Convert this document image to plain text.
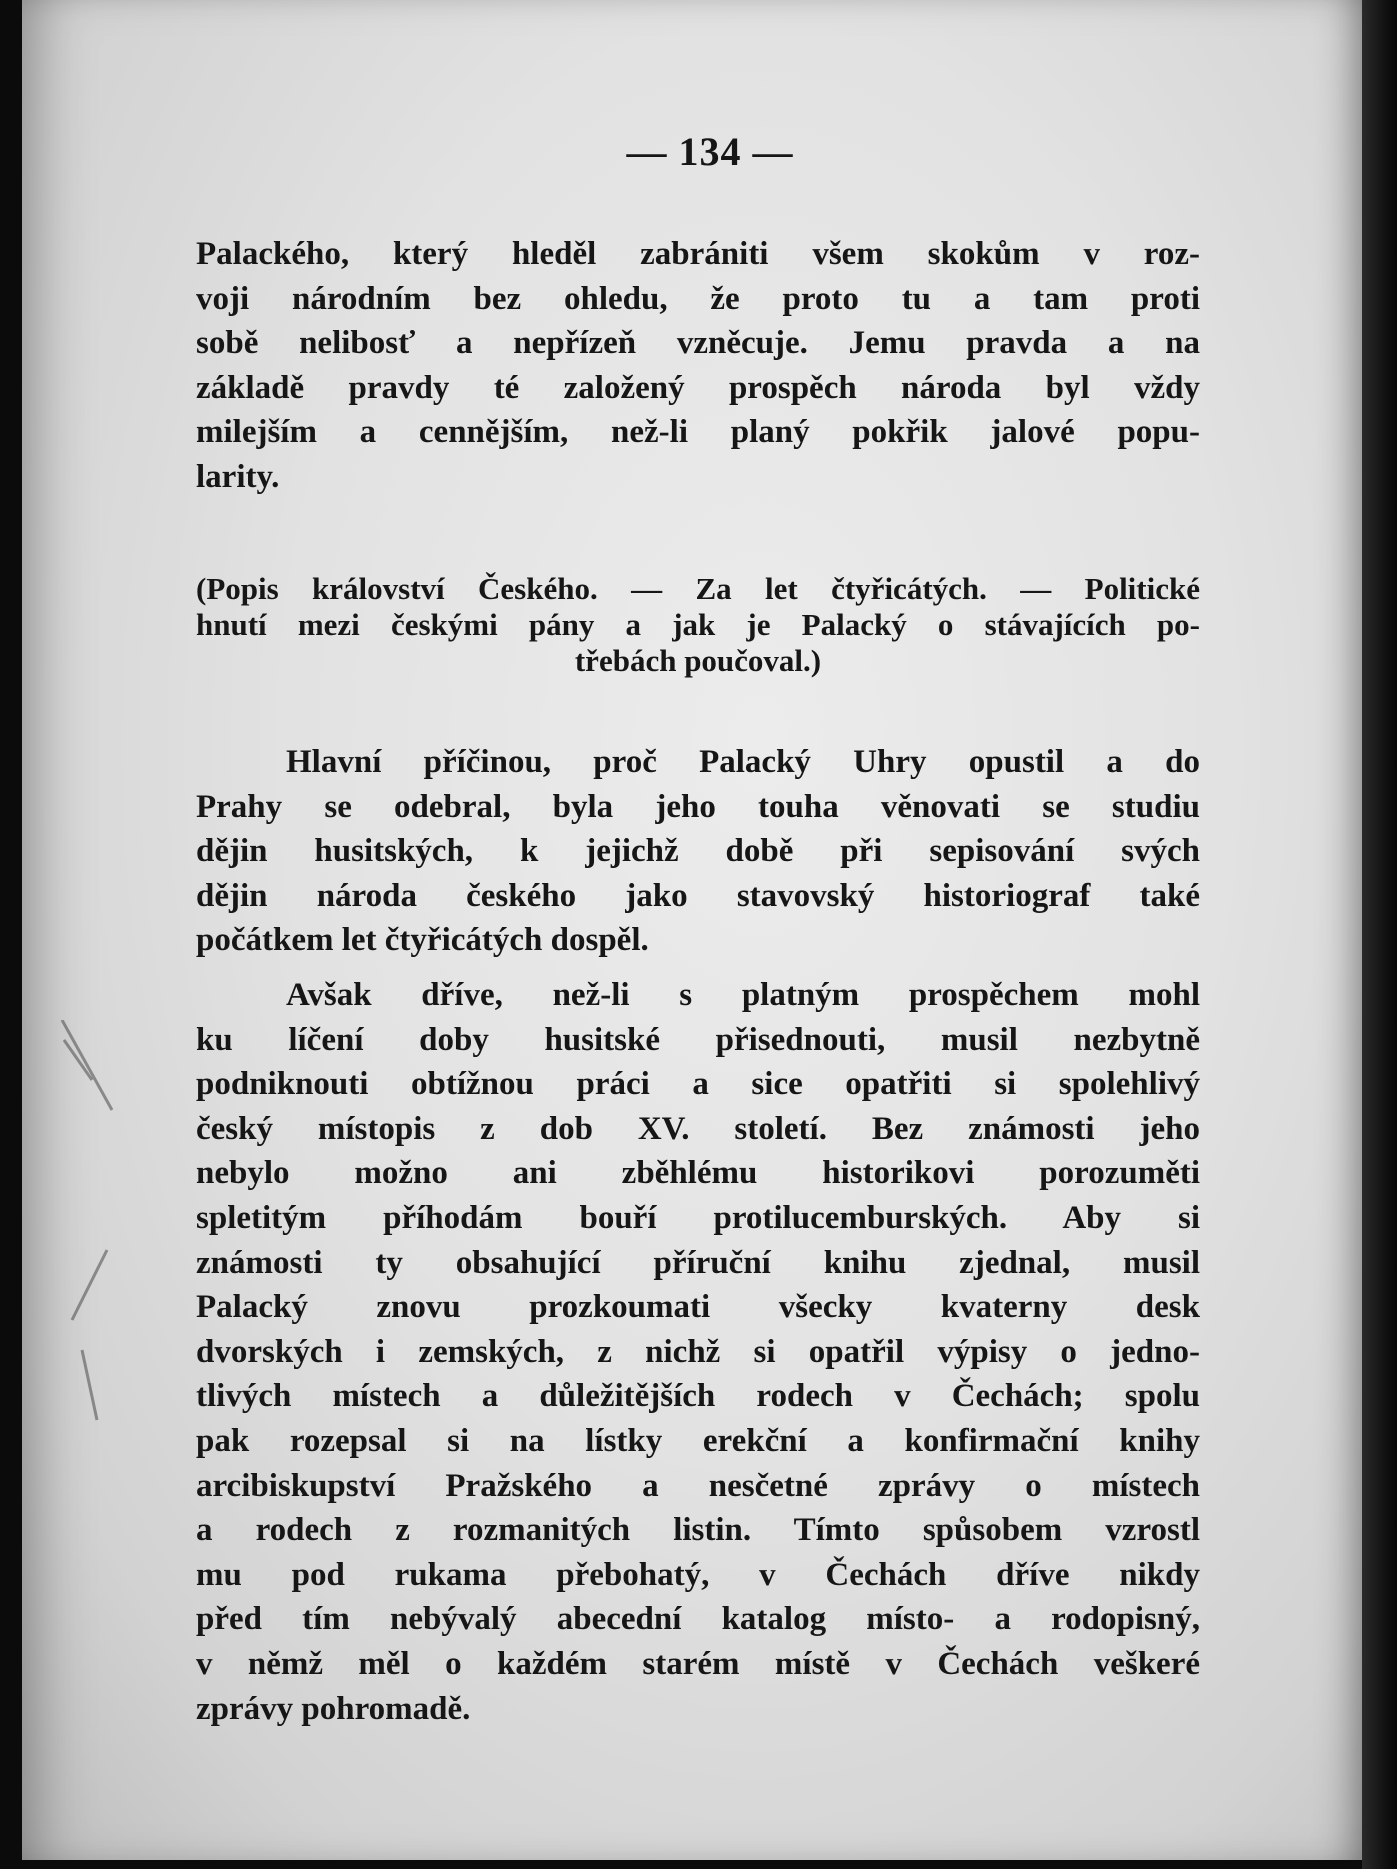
— 134 —
Palackého, který hleděl zabrániti všem skokům v roz-
voji národním bez ohledu, že proto tu a tam proti
sobě nelibosť a nepřízeň vzněcuje. Jemu pravda a na
základě pravdy té založený prospěch národa byl vždy
milejším a cennějším, než-li planý pokřik jalové popu-
larity.
(Popis království Českého. — Za let čtyřicátých. — Politické
hnutí mezi českými pány a jak je Palacký o stávajících po-
třebách poučoval.)
Hlavní příčinou, proč Palacký Uhry opustil a do
Prahy se odebral, byla jeho touha věnovati se studiu
dějin husitských, k jejichž době při sepisování svých
dějin národa českého jako stavovský historiograf také
počátkem let čtyřicátých dospěl.
Avšak dříve, než-li s platným prospěchem mohl
ku líčení doby husitské přisednouti, musil nezbytně
podniknouti obtížnou práci a sice opatřiti si spolehlivý
český místopis z dob XV. století. Bez známosti jeho
nebylo možno ani zběhlému historikovi porozuměti
spletitým příhodám bouří protilucemburských. Aby si
známosti ty obsahující příruční knihu zjednal, musil
Palacký znovu prozkoumati všecky kvaterny desk
dvorských i zemských, z nichž si opatřil výpisy o jedno-
tlivých místech a důležitějších rodech v Čechách; spolu
pak rozepsal si na lístky erekční a konfirmační knihy
arcibiskupství Pražského a nesčetné zprávy o místech
a rodech z rozmanitých listin. Tímto spůsobem vzrostl
mu pod rukama přebohatý, v Čechách dříve nikdy
před tím nebývalý abecední katalog místo- a rodopisný,
v němž měl o každém starém místě v Čechách veškeré
zprávy pohromadě.
